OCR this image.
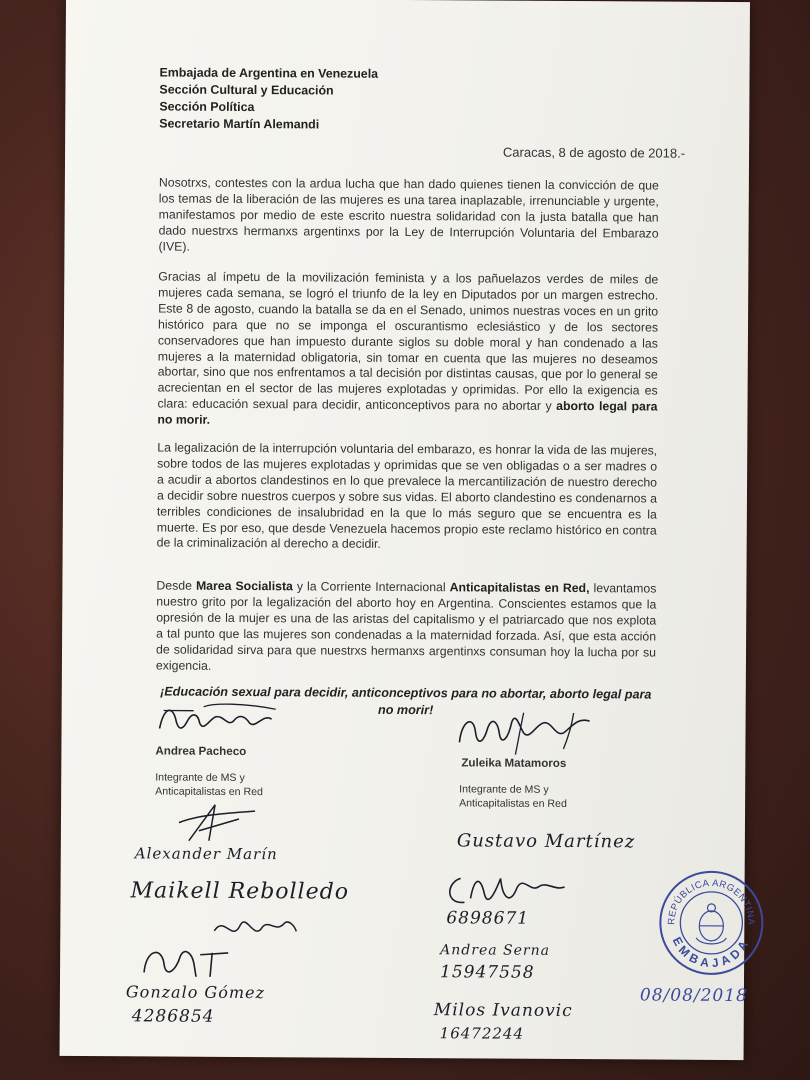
Embajada de Argentina en Venezuela
Sección Cultural y Educación
Sección Política
Secretario Martín Alemandi
Caracas, 8 de agosto de 2018.-
Nosotrxs, contestes con la ardua lucha que han dado quienes tienen la convicción de que los temas de la liberación de las mujeres es una tarea inaplazable, irrenunciable y urgente, manifestamos por medio de este escrito nuestra solidaridad con la justa batalla que han dado nuestrxs hermanxs argentinxs por la Ley de Interrupción Voluntaria del Embarazo (IVE).
Gracias al ímpetu de la movilización feminista y a los pañuelazos verdes de miles de mujeres cada semana, se logró el triunfo de la ley en Diputados por un margen estrecho. Este 8 de agosto, cuando la batalla se da en el Senado, unimos nuestras voces en un grito histórico para que no se imponga el oscurantismo eclesiástico y de los sectores conservadores que han impuesto durante siglos su doble moral y han condenado a las mujeres a la maternidad obligatoria, sin tomar en cuenta que las mujeres no deseamos abortar, sino que nos enfrentamos a tal decisión por distintas causas, que por lo general se acrecientan en el sector de las mujeres explotadas y oprimidas. Por ello la exigencia es clara: educación sexual para decidir, anticonceptivos para no abortar y aborto legal para no morir.
La legalización de la interrupción voluntaria del embarazo, es honrar la vida de las mujeres, sobre todos de las mujeres explotadas y oprimidas que se ven obligadas o a ser madres o a acudir a abortos clandestinos en lo que prevalece la mercantilización de nuestro derecho a decidir sobre nuestros cuerpos y sobre sus vidas. El aborto clandestino es condenarnos a terribles condiciones de insalubridad en la que lo más seguro que se encuentra es la muerte. Es por eso, que desde Venezuela hacemos propio este reclamo histórico en contra de la criminalización al derecho a decidir.
Desde Marea Socialista y la Corriente Internacional Anticapitalistas en Red, levantamos nuestro grito por la legalización del aborto hoy en Argentina. Conscientes estamos que la opresión de la mujer es una de las aristas del capitalismo y el patriarcado que nos explota a tal punto que las mujeres son condenadas a la maternidad forzada. Así, que esta acción de solidaridad sirva para que nuestrxs hermanxs argentinxs consuman hoy la lucha por su exigencia.
¡Educación sexual para decidir, anticonceptivos para no abortar, aborto legal para no morir!
Andrea Pacheco
Integrante de MS y
Anticapitalistas en Red
Zuleika Matamoros
Integrante de MS y
Anticapitalistas en Red
Alexander Marín
Maikell Rebolledo
Gonzalo Gómez
4286854
Gustavo Martínez
6898671
Andrea Serna
15947558
Milos Ivanovic
16472244
REPÚBLICA ARGENTINA
EMBAJADA
08/08/2018
